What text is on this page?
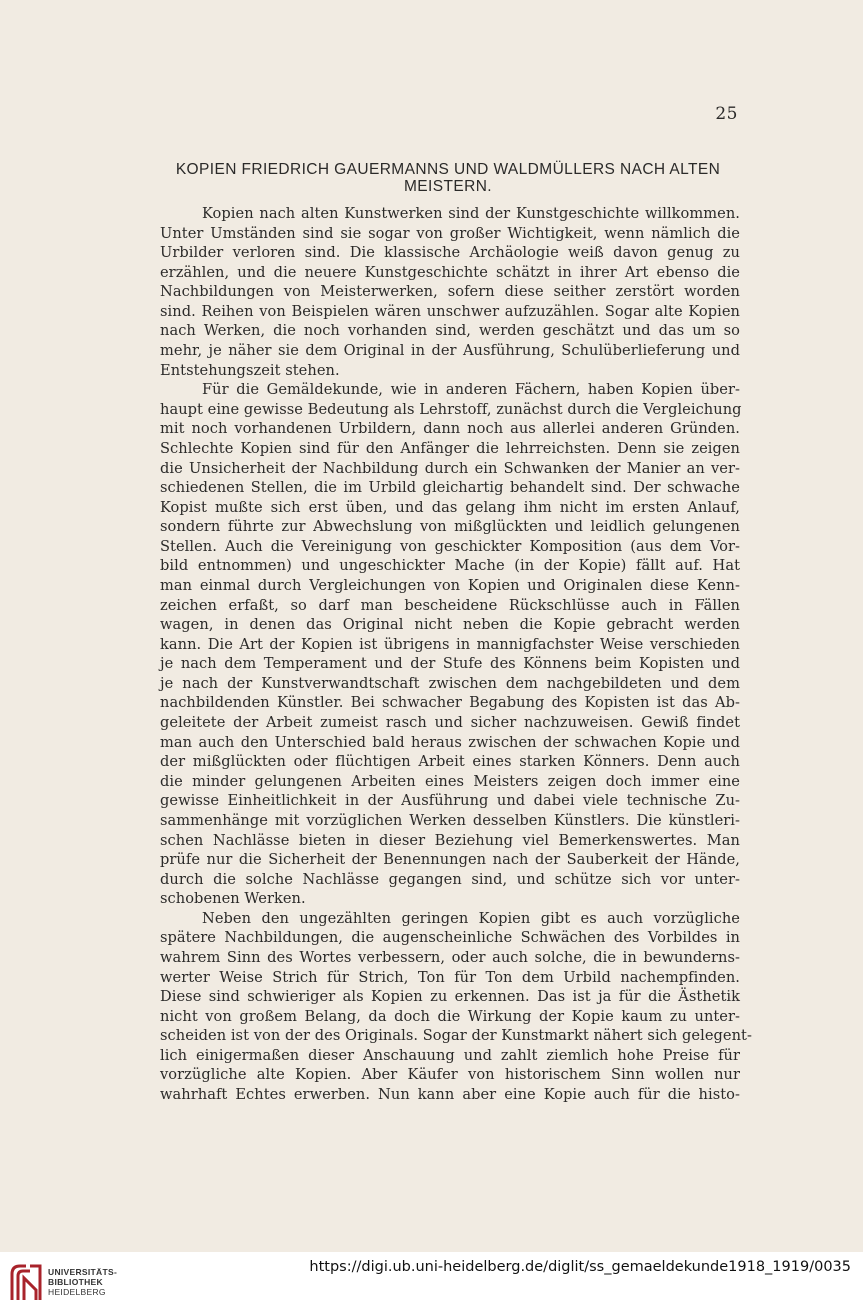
25
KOPIEN FRIEDRICH GAUERMANNS UND WALDMÜLLERS NACH ALTEN
MEISTERN.
Kopien nach alten Kunstwerken sind der Kunstgeschichte willkommen.
Unter Umständen sind sie sogar von großer Wichtigkeit, wenn nämlich die
Urbilder verloren sind. Die klassische Archäologie weiß davon genug zu
erzählen, und die neuere Kunstgeschichte schätzt in ihrer Art ebenso die
Nachbildungen von Meisterwerken, sofern diese seither zerstört worden
sind. Reihen von Beispielen wären unschwer aufzuzählen. Sogar alte Kopien
nach Werken, die noch vorhanden sind, werden geschätzt und das um so
mehr, je näher sie dem Original in der Ausführung, Schulüberlieferung und
Entstehungszeit stehen.
Für die Gemäldekunde, wie in anderen Fächern, haben Kopien über-
haupt eine gewisse Bedeutung als Lehrstoff, zunächst durch die Vergleichung
mit noch vorhandenen Urbildern, dann noch aus allerlei anderen Gründen.
Schlechte Kopien sind für den Anfänger die lehrreichsten. Denn sie zeigen
die Unsicherheit der Nachbildung durch ein Schwanken der Manier an ver-
schiedenen Stellen, die im Urbild gleichartig behandelt sind. Der schwache
Kopist mußte sich erst üben, und das gelang ihm nicht im ersten Anlauf,
sondern führte zur Abwechslung von mißglückten und leidlich gelungenen
Stellen. Auch die Vereinigung von geschickter Komposition (aus dem Vor-
bild entnommen) und ungeschickter Mache (in der Kopie) fällt auf. Hat
man einmal durch Vergleichungen von Kopien und Originalen diese Kenn-
zeichen erfaßt, so darf man bescheidene Rückschlüsse auch in Fällen
wagen, in denen das Original nicht neben die Kopie gebracht werden
kann. Die Art der Kopien ist übrigens in mannigfachster Weise verschieden
je nach dem Temperament und der Stufe des Könnens beim Kopisten und
je nach der Kunstverwandtschaft zwischen dem nachgebildeten und dem
nachbildenden Künstler. Bei schwacher Begabung des Kopisten ist das Ab-
geleitete der Arbeit zumeist rasch und sicher nachzuweisen. Gewiß findet
man auch den Unterschied bald heraus zwischen der schwachen Kopie und
der mißglückten oder flüchtigen Arbeit eines starken Könners. Denn auch
die minder gelungenen Arbeiten eines Meisters zeigen doch immer eine
gewisse Einheitlichkeit in der Ausführung und dabei viele technische Zu-
sammenhänge mit vorzüglichen Werken desselben Künstlers. Die künstleri-
schen Nachlässe bieten in dieser Beziehung viel Bemerkenswertes. Man
prüfe nur die Sicherheit der Benennungen nach der Sauberkeit der Hände,
durch die solche Nachlässe gegangen sind, und schütze sich vor unter-
schobenen Werken.
Neben den ungezählten geringen Kopien gibt es auch vorzügliche
spätere Nachbildungen, die augenscheinliche Schwächen des Vorbildes in
wahrem Sinn des Wortes verbessern, oder auch solche, die in bewunderns-
werter Weise Strich für Strich, Ton für Ton dem Urbild nachempfinden.
Diese sind schwieriger als Kopien zu erkennen. Das ist ja für die Ästhetik
nicht von großem Belang, da doch die Wirkung der Kopie kaum zu unter-
scheiden ist von der des Originals. Sogar der Kunstmarkt nähert sich gelegent-
lich einigermaßen dieser Anschauung und zahlt ziemlich hohe Preise für
vorzügliche alte Kopien. Aber Käufer von historischem Sinn wollen nur
wahrhaft Echtes erwerben. Nun kann aber eine Kopie auch für die histo-
UNIVERSITÄTS-
BIBLIOTHEK
HEIDELBERG
https://digi.ub.uni-heidelberg.de/diglit/ss_gemaeldekunde1918_1919/0035
